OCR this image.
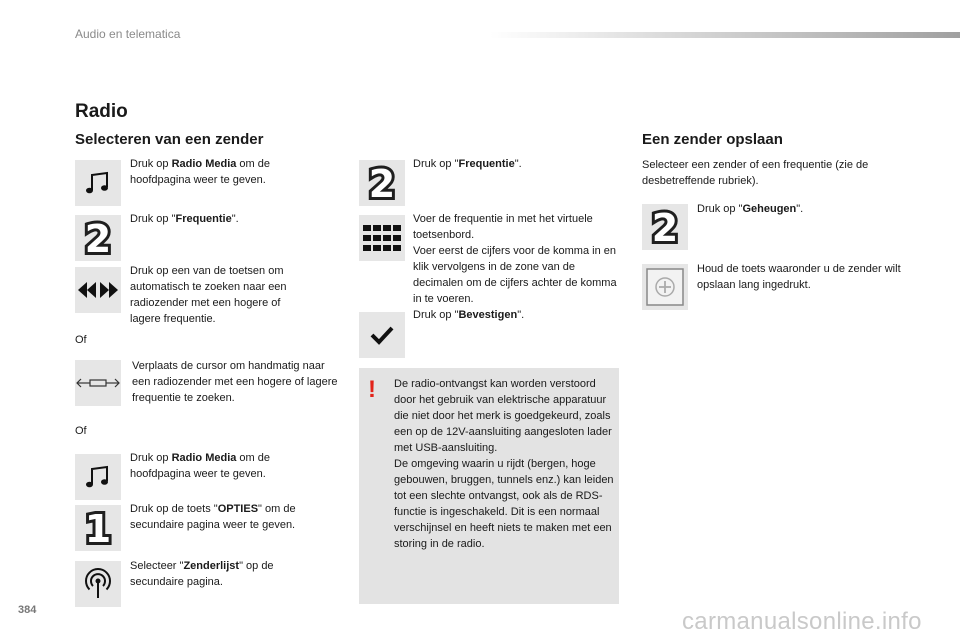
Audio en telematica
Radio
Selecteren van een zender
Druk op Radio Media om de hoofdpagina weer te geven.
2 Druk op "Frequentie".
Druk op een van de toetsen om automatisch te zoeken naar een radiozender met een hogere of lagere frequentie.
Of
Verplaats de cursor om handmatig naar een radiozender met een hogere of lagere frequentie te zoeken.
Of
Druk op Radio Media om de hoofdpagina weer te geven.
1 Druk op de toets "OPTIES" om de secundaire pagina weer te geven.
Selecteer "Zenderlijst" op de secundaire pagina.
2 Druk op "Frequentie".
Voer de frequentie in met het virtuele toetsenbord.
Voer eerst de cijfers voor de komma in en klik vervolgens in de zone van de decimalen om de cijfers achter de komma in te voeren.
Druk op "Bevestigen".
! De radio-ontvangst kan worden verstoord door het gebruik van elektrische apparatuur die niet door het merk is goedgekeurd, zoals een op de 12V-aansluiting aangesloten lader met USB-aansluiting.
De omgeving waarin u rijdt (bergen, hoge gebouwen, bruggen, tunnels enz.) kan leiden tot een slechte ontvangst, ook als de RDS-functie is ingeschakeld. Dit is een normaal verschijnsel en heeft niets te maken met een storing in de radio.
Een zender opslaan
Selecteer een zender of een frequentie (zie de desbetreffende rubriek).
2 Druk op "Geheugen".
Houd de toets waaronder u de zender wilt opslaan lang ingedrukt.
384	carmanualsonline.info
